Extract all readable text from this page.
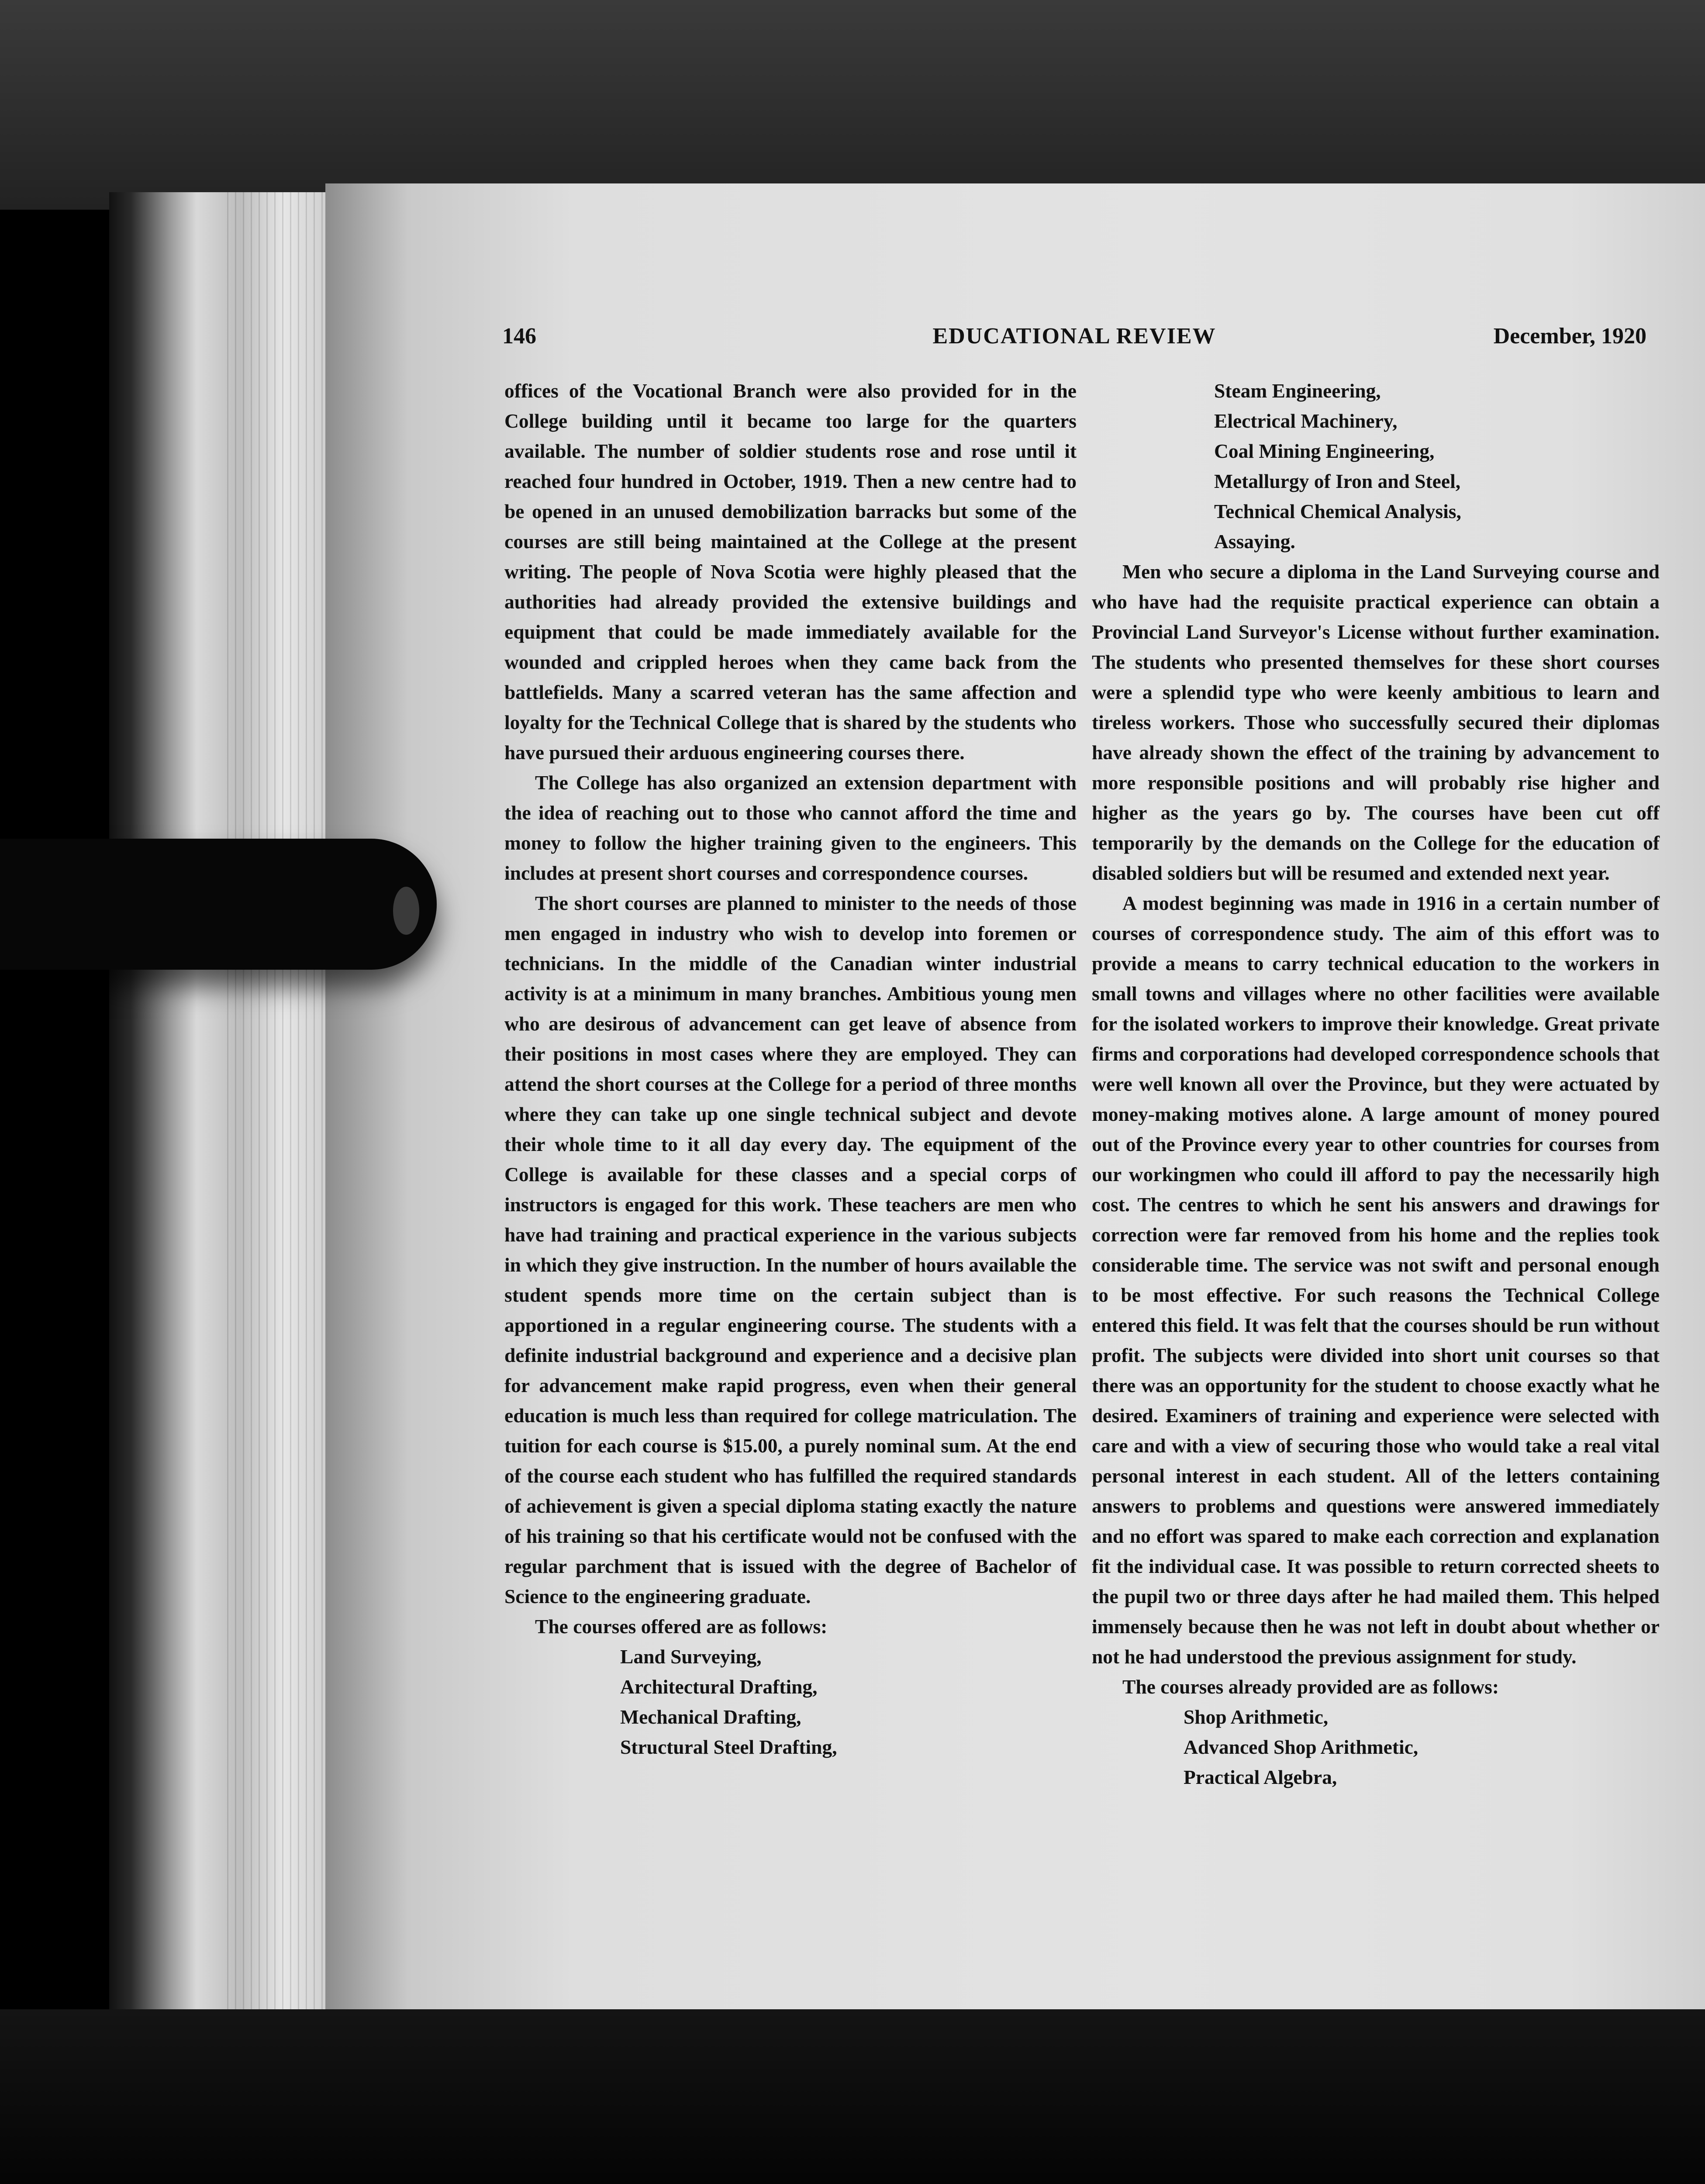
146	EDUCATIONAL REVIEW	December, 1920

offices of the Vocational Branch were also provided for in the College building until it became too large for the quarters available. The number of soldier students rose and rose until it reached four hundred in October, 1919. Then a new centre had to be opened in an unused demobilization barracks but some of the courses are still being maintained at the College at the present writing. The people of Nova Scotia were highly pleased that the authorities had already provided the extensive buildings and equipment that could be made immediately available for the wounded and crippled heroes when they came back from the battlefields. Many a scarred veteran has the same affection and loyalty for the Technical College that is shared by the students who have pursued their arduous engineering courses there.

The College has also organized an extension department with the idea of reaching out to those who cannot afford the time and money to follow the higher training given to the engineers. This includes at present short courses and correspondence courses.

The short courses are planned to minister to the needs of those men engaged in industry who wish to develop into foremen or technicians. In the middle of the Canadian winter industrial activity is at a minimum in many branches. Ambitious young men who are desirous of advancement can get leave of absence from their positions in most cases where they are employed. They can attend the short courses at the College for a period of three months where they can take up one single technical subject and devote their whole time to it all day every day. The equipment of the College is available for these classes and a special corps of instructors is engaged for this work. These teachers are men who have had training and practical experience in the various subjects in which they give instruction. In the number of hours available the student spends more time on the certain subject than is apportioned in a regular engineering course. The students with a definite industrial background and experience and a decisive plan for advancement make rapid progress, even when their general education is much less than required for college matriculation. The tuition for each course is $15.00, a purely nominal sum. At the end of the course each student who has fulfilled the required standards of achievement is given a special diploma stating exactly the nature of his training so that his certificate would not be confused with the regular parchment that is issued with the degree of Bachelor of Science to the engineering graduate.

The courses offered are as follows:

Land Surveying,
Architectural Drafting,
Mechanical Drafting,
Structural Steel Drafting,
Steam Engineering,
Electrical Machinery,
Coal Mining Engineering,
Metallurgy of Iron and Steel,
Technical Chemical Analysis,
Assaying.

Men who secure a diploma in the Land Surveying course and who have had the requisite practical experience can obtain a Provincial Land Surveyor's License without further examination. The students who presented themselves for these short courses were a splendid type who were keenly ambitious to learn and tireless workers. Those who successfully secured their diplomas have already shown the effect of the training by advancement to more responsible positions and will probably rise higher and higher as the years go by. The courses have been cut off temporarily by the demands on the College for the education of disabled soldiers but will be resumed and extended next year.

A modest beginning was made in 1916 in a certain number of courses of correspondence study. The aim of this effort was to provide a means to carry technical education to the workers in small towns and villages where no other facilities were available for the isolated workers to improve their knowledge. Great private firms and corporations had developed correspondence schools that were well known all over the Province, but they were actuated by money-making motives alone. A large amount of money poured out of the Province every year to other countries for courses from our workingmen who could ill afford to pay the necessarily high cost. The centres to which he sent his answers and drawings for correction were far removed from his home and the replies took considerable time. The service was not swift and personal enough to be most effective. For such reasons the Technical College entered this field. It was felt that the courses should be run without profit. The subjects were divided into short unit courses so that there was an opportunity for the student to choose exactly what he desired. Examiners of training and experience were selected with care and with a view of securing those who would take a real vital personal interest in each student. All of the letters containing answers to problems and questions were answered immediately and no effort was spared to make each correction and explanation fit the individual case. It was possible to return corrected sheets to the pupil two or three days after he had mailed them. This helped immensely because then he was not left in doubt about whether or not he had understood the previous assignment for study.

The courses already provided are as follows:

Shop Arithmetic,
Advanced Shop Arithmetic,
Practical Algebra,
